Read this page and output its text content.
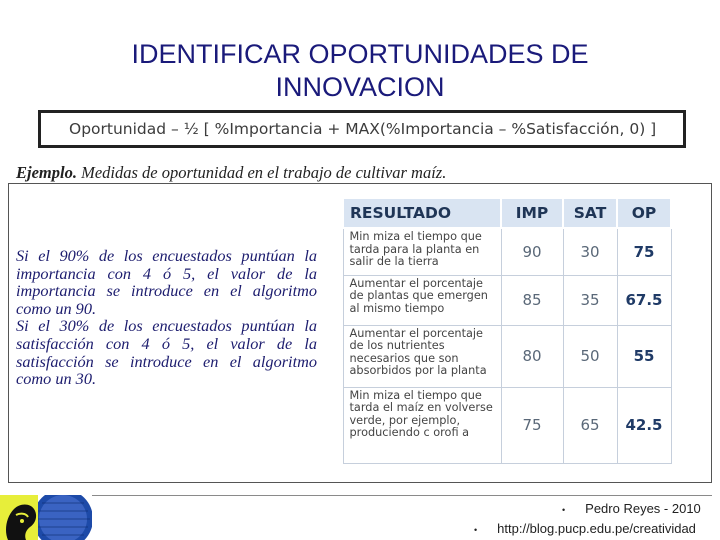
IDENTIFICAR OPORTUNIDADES DE
INNOVACION
Oportunidad – ½ [ %Importancia + MAX(%Importancia – %Satisfacción, 0) ]
Ejemplo. Medidas de oportunidad en el trabajo de cultivar maíz.

Si el 90% de los encuestados puntúan la importancia con 4 ó 5, el valor de la importancia se introduce en el algoritmo como un 90.

Si el 30% de los encuestados puntúan la satisfacción con 4 ó 5, el valor de la satisfacción se introduce en el algoritmo como un 30.

RESULTADO	IMP	SAT	OP
Min miza el tiempo que tarda para la planta en salir de la tierra	90	30	75
Aumentar el porcentaje de plantas que emergen al mismo tiempo	85	35	67.5
Aumentar el porcentaje de los nutrientes necesarios que son absorbidos por la planta	80	50	55
Min miza el tiempo que tarda el maíz en volverse verde, por ejemplo, produciendo c orofi a	75	65	42.5
• Pedro Reyes - 2010
• http://blog.pucp.edu.pe/creatividad
